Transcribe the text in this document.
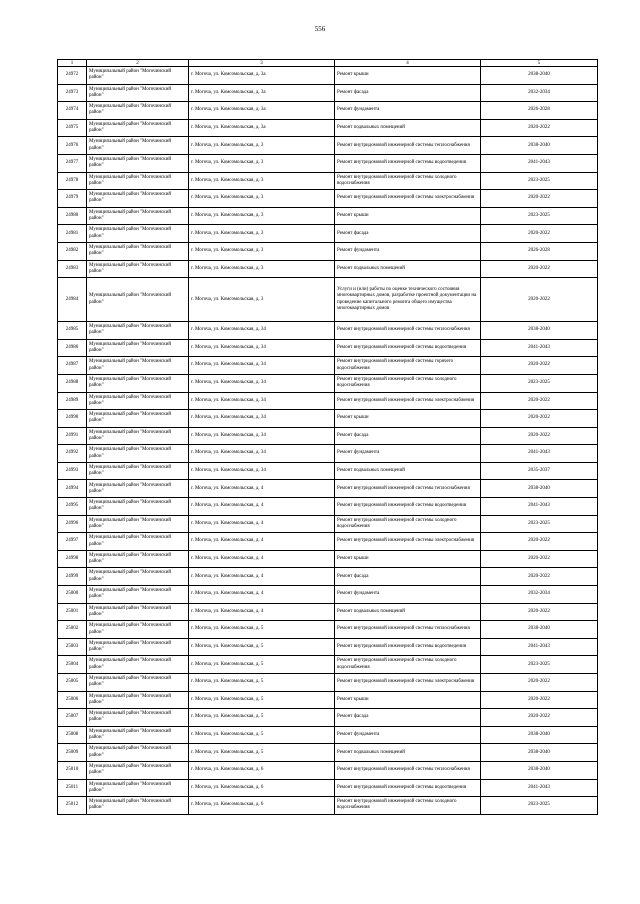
556
1	2	3	4	5
24972	Муниципальный район "Могочинский район"	г. Могоча, ул. Комсомольская, д. 3а	Ремонт крыши	2038-2040
24973	Муниципальный район "Могочинский район"	г. Могоча, ул. Комсомольская, д. 3а	Ремонт фасада	2032-2034
24974	Муниципальный район "Могочинский район"	г. Могоча, ул. Комсомольская, д. 3а	Ремонт фундамента	2026-2028
24975	Муниципальный район "Могочинский район"	г. Могоча, ул. Комсомольская, д. 3а	Ремонт подвальных помещений	2020-2022
24976	Муниципальный район "Могочинский район"	г. Могоча, ул. Комсомольская, д. 3	Ремонт внутридомовой инженерной системы теплоснабжения	2038-2040
24977	Муниципальный район "Могочинский район"	г. Могоча, ул. Комсомольская, д. 3	Ремонт внутридомовой инженерной системы водоотведения	2041-2043
24978	Муниципальный район "Могочинский район"	г. Могоча, ул. Комсомольская, д. 3	Ремонт внутридомовой инженерной системы холодного водоснабжения	2023-2025
24979	Муниципальный район "Могочинский район"	г. Могоча, ул. Комсомольская, д. 3	Ремонт внутридомовой инженерной системы электроснабжения	2020-2022
24980	Муниципальный район "Могочинский район"	г. Могоча, ул. Комсомольская, д. 3	Ремонт крыши	2023-2025
24981	Муниципальный район "Могочинский район"	г. Могоча, ул. Комсомольская, д. 3	Ремонт фасада	2020-2022
24982	Муниципальный район "Могочинский район"	г. Могоча, ул. Комсомольская, д. 3	Ремонт фундамента	2026-2028
24983	Муниципальный район "Могочинский район"	г. Могоча, ул. Комсомольская, д. 3	Ремонт подвальных помещений	2020-2022
24984	Муниципальный район "Могочинский район"	г. Могоча, ул. Комсомольская, д. 3	Услуги и (или) работы по оценке технического состояния многоквартирных домов, разработке проектной документации на проведение капитального ремонта общего имущества многоквартирных домов	2020-2022
24985	Муниципальный район "Могочинский район"	г. Могоча, ул. Комсомольская, д. 34	Ремонт внутридомовой инженерной системы теплоснабжения	2038-2040
24986	Муниципальный район "Могочинский район"	г. Могоча, ул. Комсомольская, д. 34	Ремонт внутридомовой инженерной системы водоотведения	2041-2043
24987	Муниципальный район "Могочинский район"	г. Могоча, ул. Комсомольская, д. 34	Ремонт внутридомовой инженерной системы горячего водоснабжения	2020-2022
24988	Муниципальный район "Могочинский район"	г. Могоча, ул. Комсомольская, д. 34	Ремонт внутридомовой инженерной системы холодного водоснабжения	2023-2025
24989	Муниципальный район "Могочинский район"	г. Могоча, ул. Комсомольская, д. 34	Ремонт внутридомовой инженерной системы электроснабжения	2020-2022
24990	Муниципальный район "Могочинский район"	г. Могоча, ул. Комсомольская, д. 34	Ремонт крыши	2020-2022
24991	Муниципальный район "Могочинский район"	г. Могоча, ул. Комсомольская, д. 34	Ремонт фасада	2020-2022
24992	Муниципальный район "Могочинский район"	г. Могоча, ул. Комсомольская, д. 34	Ремонт фундамента	2041-2043
24993	Муниципальный район "Могочинский район"	г. Могоча, ул. Комсомольская, д. 34	Ремонт подвальных помещений	2035-2037
24994	Муниципальный район "Могочинский район"	г. Могоча, ул. Комсомольская, д. 4	Ремонт внутридомовой инженерной системы теплоснабжения	2038-2040
24995	Муниципальный район "Могочинский район"	г. Могоча, ул. Комсомольская, д. 4	Ремонт внутридомовой инженерной системы водоотведения	2041-2043
24996	Муниципальный район "Могочинский район"	г. Могоча, ул. Комсомольская, д. 4	Ремонт внутридомовой инженерной системы холодного водоснабжения	2023-2025
24997	Муниципальный район "Могочинский район"	г. Могоча, ул. Комсомольская, д. 4	Ремонт внутридомовой инженерной системы электроснабжения	2020-2022
24998	Муниципальный район "Могочинский район"	г. Могоча, ул. Комсомольская, д. 4	Ремонт крыши	2020-2022
24999	Муниципальный район "Могочинский район"	г. Могоча, ул. Комсомольская, д. 4	Ремонт фасада	2020-2022
25000	Муниципальный район "Могочинский район"	г. Могоча, ул. Комсомольская, д. 4	Ремонт фундамента	2032-2034
25001	Муниципальный район "Могочинский район"	г. Могоча, ул. Комсомольская, д. 4	Ремонт подвальных помещений	2020-2022
25002	Муниципальный район "Могочинский район"	г. Могоча, ул. Комсомольская, д. 5	Ремонт внутридомовой инженерной системы теплоснабжения	2038-2040
25003	Муниципальный район "Могочинский район"	г. Могоча, ул. Комсомольская, д. 5	Ремонт внутридомовой инженерной системы водоотведения	2041-2043
25004	Муниципальный район "Могочинский район"	г. Могоча, ул. Комсомольская, д. 5	Ремонт внутридомовой инженерной системы холодного водоснабжения	2023-2025
25005	Муниципальный район "Могочинский район"	г. Могоча, ул. Комсомольская, д. 5	Ремонт внутридомовой инженерной системы электроснабжения	2020-2022
25006	Муниципальный район "Могочинский район"	г. Могоча, ул. Комсомольская, д. 5	Ремонт крыши	2020-2022
25007	Муниципальный район "Могочинский район"	г. Могоча, ул. Комсомольская, д. 5	Ремонт фасада	2020-2022
25008	Муниципальный район "Могочинский район"	г. Могоча, ул. Комсомольская, д. 5	Ремонт фундамента	2038-2040
25009	Муниципальный район "Могочинский район"	г. Могоча, ул. Комсомольская, д. 5	Ремонт подвальных помещений	2038-2040
25010	Муниципальный район "Могочинский район"	г. Могоча, ул. Комсомольская, д. 6	Ремонт внутридомовой инженерной системы теплоснабжения	2038-2040
25011	Муниципальный район "Могочинский район"	г. Могоча, ул. Комсомольская, д. 6	Ремонт внутридомовой инженерной системы водоотведения	2041-2043
25012	Муниципальный район "Могочинский район"	г. Могоча, ул. Комсомольская, д. 6	Ремонт внутридомовой инженерной системы холодного водоснабжения	2023-2025
